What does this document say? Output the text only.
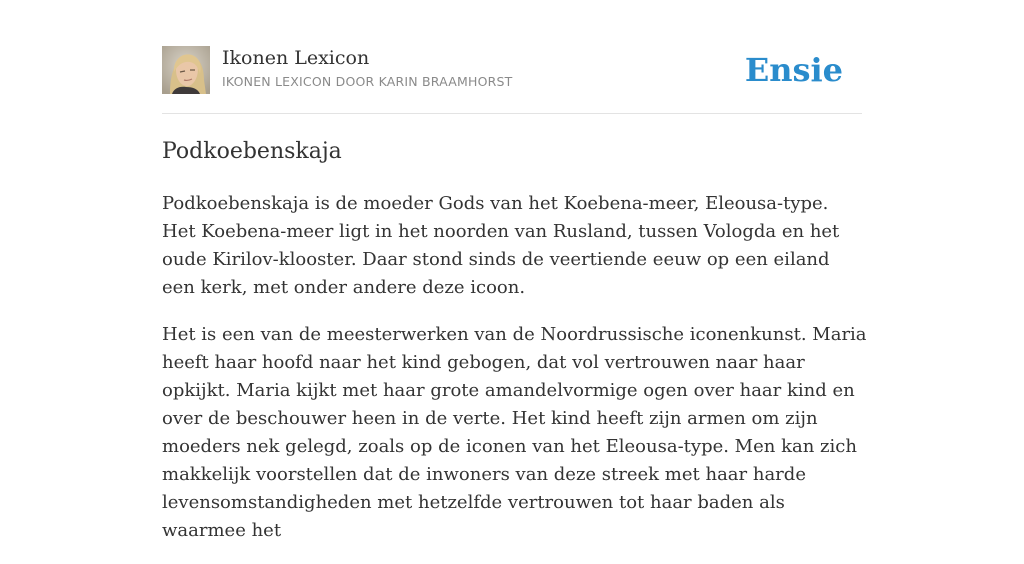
Ikonen Lexicon
IKONEN LEXICON DOOR KARIN BRAAMHORST	Ensie
Podkoebenskaja

Podkoebenskaja is de moeder Gods van het Koebena-meer, Eleousa-type. Het Koebena-meer ligt in het noorden van Rusland, tussen Vologda en het oude Kirilov-klooster. Daar stond sinds de veertiende eeuw op een eiland een kerk, met onder andere deze icoon.

Het is een van de meesterwerken van de Noordrussische iconenkunst. Maria heeft haar hoofd naar het kind gebogen, dat vol vertrouwen naar haar opkijkt. Maria kijkt met haar grote amandelvormige ogen over haar kind en over de beschouwer heen in de verte. Het kind heeft zijn armen om zijn moeders nek gelegd, zoals op de iconen van het Eleousa-type. Men kan zich makkelijk voorstellen dat de inwoners van deze streek met haar harde levensomstandigheden met hetzelfde vertrouwen tot haar baden als waarmee het
